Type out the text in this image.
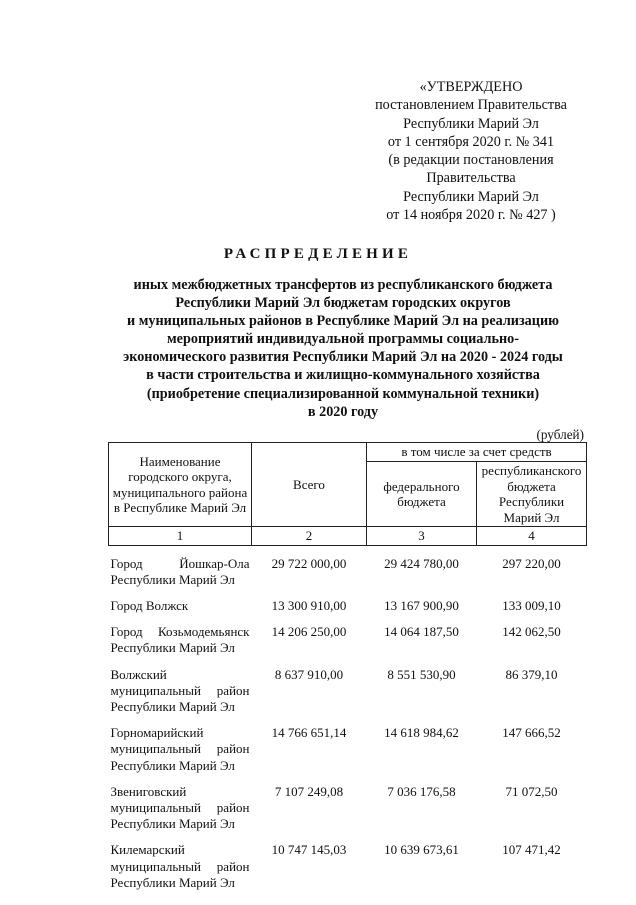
«УТВЕРЖДЕНО
постановлением Правительства
Республики Марий Эл
от 1 сентября 2020 г. № 341
(в редакции постановления
Правительства
Республики Марий Эл
от 14 ноября 2020 г. № 427 )
РАСПРЕДЕЛЕНИЕ
иных межбюджетных трансфертов из республиканского бюджета
Республики Марий Эл бюджетам городских округов
и муниципальных районов в Республике Марий Эл на реализацию
мероприятий индивидуальной программы социально-
экономического развития Республики Марий Эл на 2020 - 2024 годы
в части строительства и жилищно-коммунального хозяйства
(приобретение специализированной коммунальной техники)
в 2020 году
(рублей)
Наименование городского округа, муниципального района в Республике Марий Эл	Всего	в том числе за счет средств	
		федерального бюджета	республиканского бюджета Республики Марий Эл
1	2	3	4

Город Йошкар-Ола
Республики Марий Эл	29 722 000,00	29 424 780,00	297 220,00

Город Волжск	13 300 910,00	13 167 900,90	133 009,10

Город Козьмодемьянск
Республики Марий Эл	14 206 250,00	14 064 187,50	142 062,50

Волжский
муниципальный район
Республики Марий Эл	8 637 910,00	8 551 530,90	86 379,10

Горномарийский
муниципальный район
Республики Марий Эл	14 766 651,14	14 618 984,62	147 666,52

Звениговский
муниципальный район
Республики Марий Эл	7 107 249,08	7 036 176,58	71 072,50

Килемарский
муниципальный район
Республики Марий Эл	10 747 145,03	10 639 673,61	107 471,42
